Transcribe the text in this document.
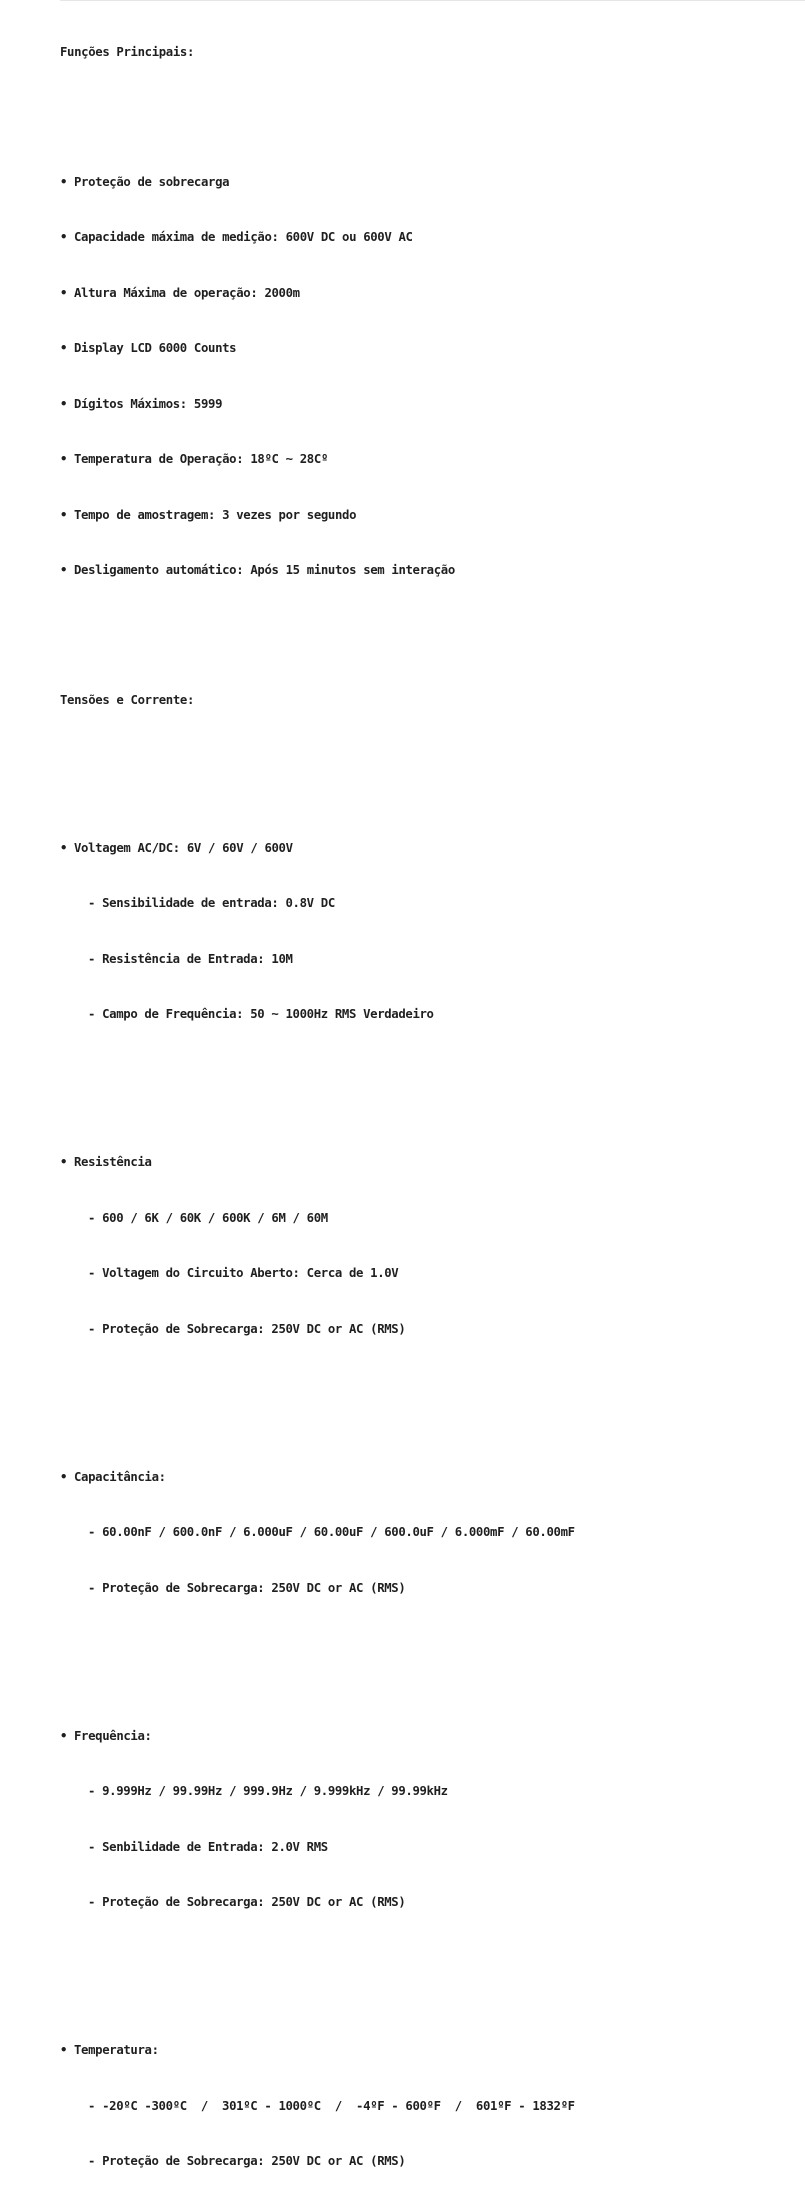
Funções Principais:

• Proteção de sobrecarga

• Capacidade máxima de medição: 600V DC ou 600V AC

• Altura Máxima de operação: 2000m

• Display LCD 6000 Counts

• Dígitos Máximos: 5999

• Temperatura de Operação: 18ºC ~ 28Cº

• Tempo de amostragem: 3 vezes por segundo

• Desligamento automático: Após 15 minutos sem interação

Tensões e Corrente:

• Voltagem AC/DC: 6V / 60V / 600V

- Sensibilidade de entrada: 0.8V DC

- Resistência de Entrada: 10M

- Campo de Frequência: 50 ~ 1000Hz RMS Verdadeiro

• Resistência

- 600 / 6K / 60K / 600K / 6M / 60M

- Voltagem do Circuito Aberto: Cerca de 1.0V

- Proteção de Sobrecarga: 250V DC or AC (RMS)

• Capacitância:

- 60.00nF / 600.0nF / 6.000uF / 60.00uF / 600.0uF / 6.000mF / 60.00mF

- Proteção de Sobrecarga: 250V DC or AC (RMS)

• Frequência:

- 9.999Hz / 99.99Hz / 999.9Hz / 9.999kHz / 99.99kHz

- Senbilidade de Entrada: 2.0V RMS

- Proteção de Sobrecarga: 250V DC or AC (RMS)

• Temperatura:

- -20ºC -300ºC  /  301ºC - 1000ºC  /  -4ºF - 600ºF  /  601ºF - 1832ºF

- Proteção de Sobrecarga: 250V DC or AC (RMS)
